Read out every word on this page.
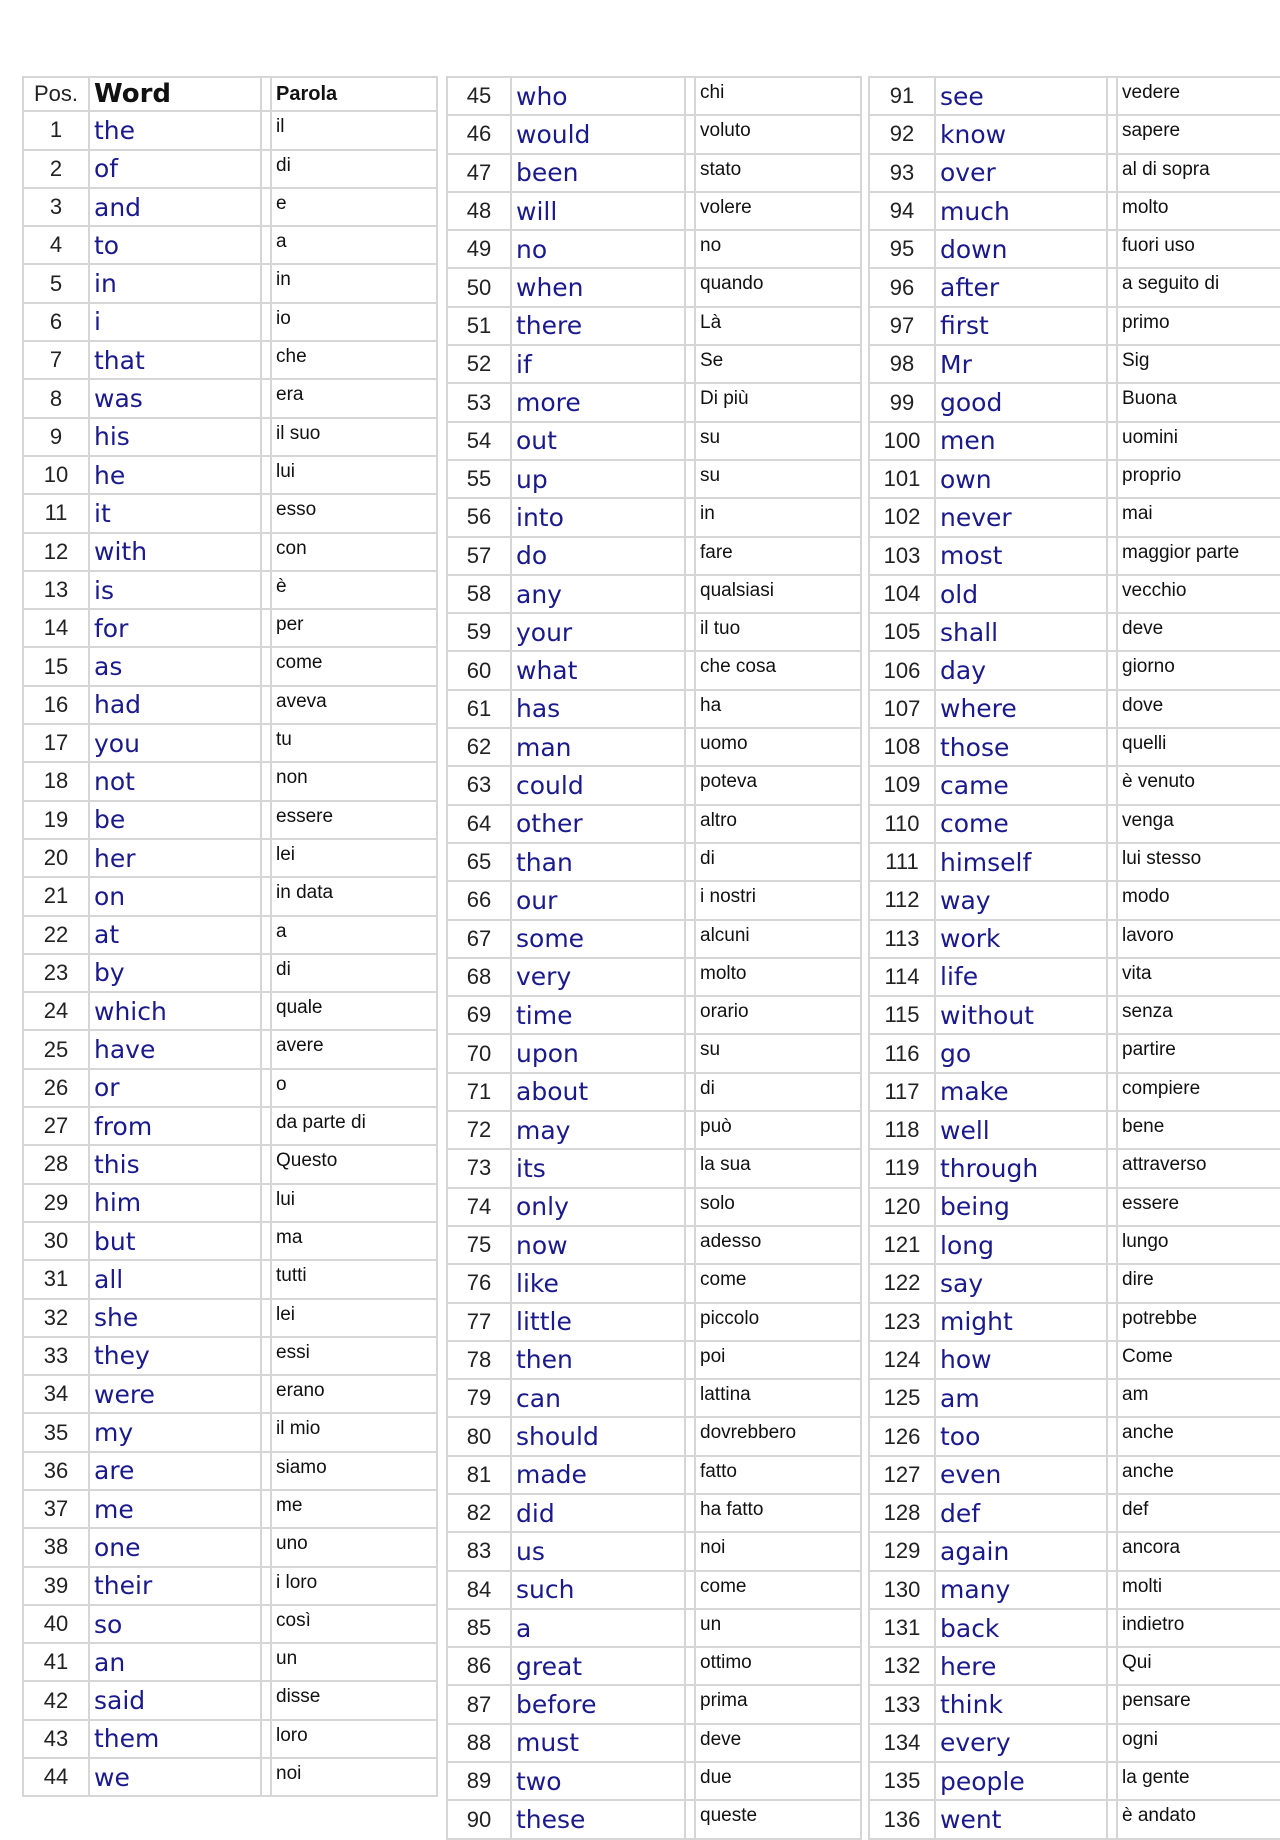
Pos.	Word		Parola
1	the		il
2	of		di
3	and		e
4	to		a
5	in		in
6	i		io
7	that		che
8	was		era
9	his		il suo
10	he		lui
11	it		esso
12	with		con
13	is		è
14	for		per
15	as		come
16	had		aveva
17	you		tu
18	not		non
19	be		essere
20	her		lei
21	on		in data
22	at		a
23	by		di
24	which		quale
25	have		avere
26	or		o
27	from		da parte di
28	this		Questo
29	him		lui
30	but		ma
31	all		tutti
32	she		lei
33	they		essi
34	were		erano
35	my		il mio
36	are		siamo
37	me		me
38	one		uno
39	their		i loro
40	so		così
41	an		un
42	said		disse
43	them		loro
44	we		noi
45	who		chi
46	would		voluto
47	been		stato
48	will		volere
49	no		no
50	when		quando
51	there		Là
52	if		Se
53	more		Di più
54	out		su
55	up		su
56	into		in
57	do		fare
58	any		qualsiasi
59	your		il tuo
60	what		che cosa
61	has		ha
62	man		uomo
63	could		poteva
64	other		altro
65	than		di
66	our		i nostri
67	some		alcuni
68	very		molto
69	time		orario
70	upon		su
71	about		di
72	may		può
73	its		la sua
74	only		solo
75	now		adesso
76	like		come
77	little		piccolo
78	then		poi
79	can		lattina
80	should		dovrebbero
81	made		fatto
82	did		ha fatto
83	us		noi
84	such		come
85	a		un
86	great		ottimo
87	before		prima
88	must		deve
89	two		due
90	these		queste
91	see		vedere
92	know		sapere
93	over		al di sopra
94	much		molto
95	down		fuori uso
96	after		a seguito di
97	first		primo
98	Mr		Sig
99	good		Buona
100	men		uomini
101	own		proprio
102	never		mai
103	most		maggior parte
104	old		vecchio
105	shall		deve
106	day		giorno
107	where		dove
108	those		quelli
109	came		è venuto
110	come		venga
111	himself		lui stesso
112	way		modo
113	work		lavoro
114	life		vita
115	without		senza
116	go		partire
117	make		compiere
118	well		bene
119	through		attraverso
120	being		essere
121	long		lungo
122	say		dire
123	might		potrebbe
124	how		Come
125	am		am
126	too		anche
127	even		anche
128	def		def
129	again		ancora
130	many		molti
131	back		indietro
132	here		Qui
133	think		pensare
134	every		ogni
135	people		la gente
136	went		è andato
